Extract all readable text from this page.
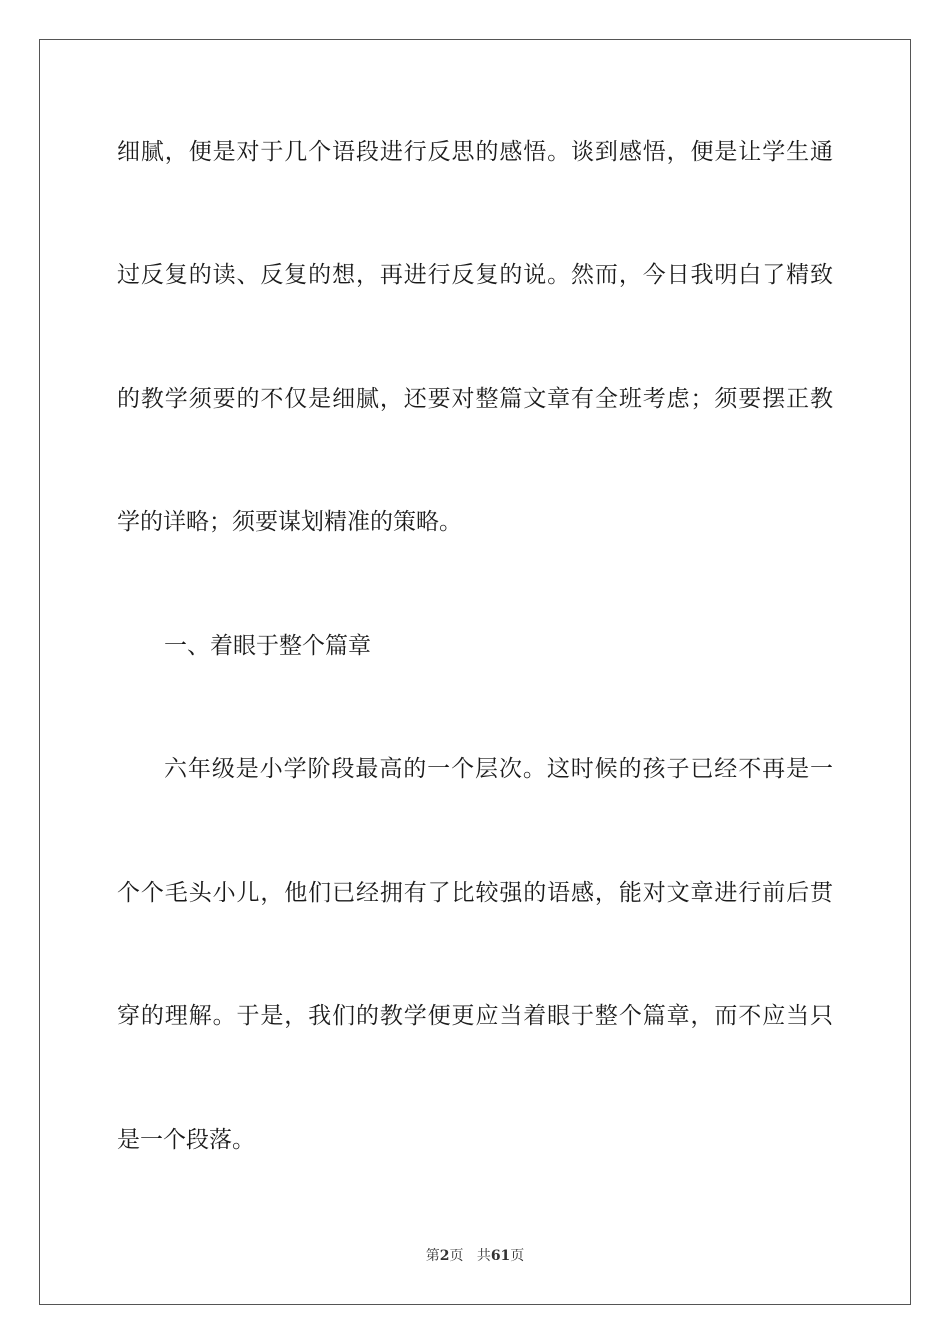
细腻，便是对于几个语段进行反思的感悟。谈到感悟，便是让学生通
过反复的读、反复的想，再进行反复的说。然而，今日我明白了精致
的教学须要的不仅是细腻，还要对整篇文章有全班考虑；须要摆正教
学的详略；须要谋划精准的策略。
一、着眼于整个篇章
六年级是小学阶段最高的一个层次。这时候的孩子已经不再是一
个个毛头小儿，他们已经拥有了比较强的语感，能对文章进行前后贯
穿的理解。于是，我们的教学便更应当着眼于整个篇章，而不应当只
是一个段落。
第2页 共61页
